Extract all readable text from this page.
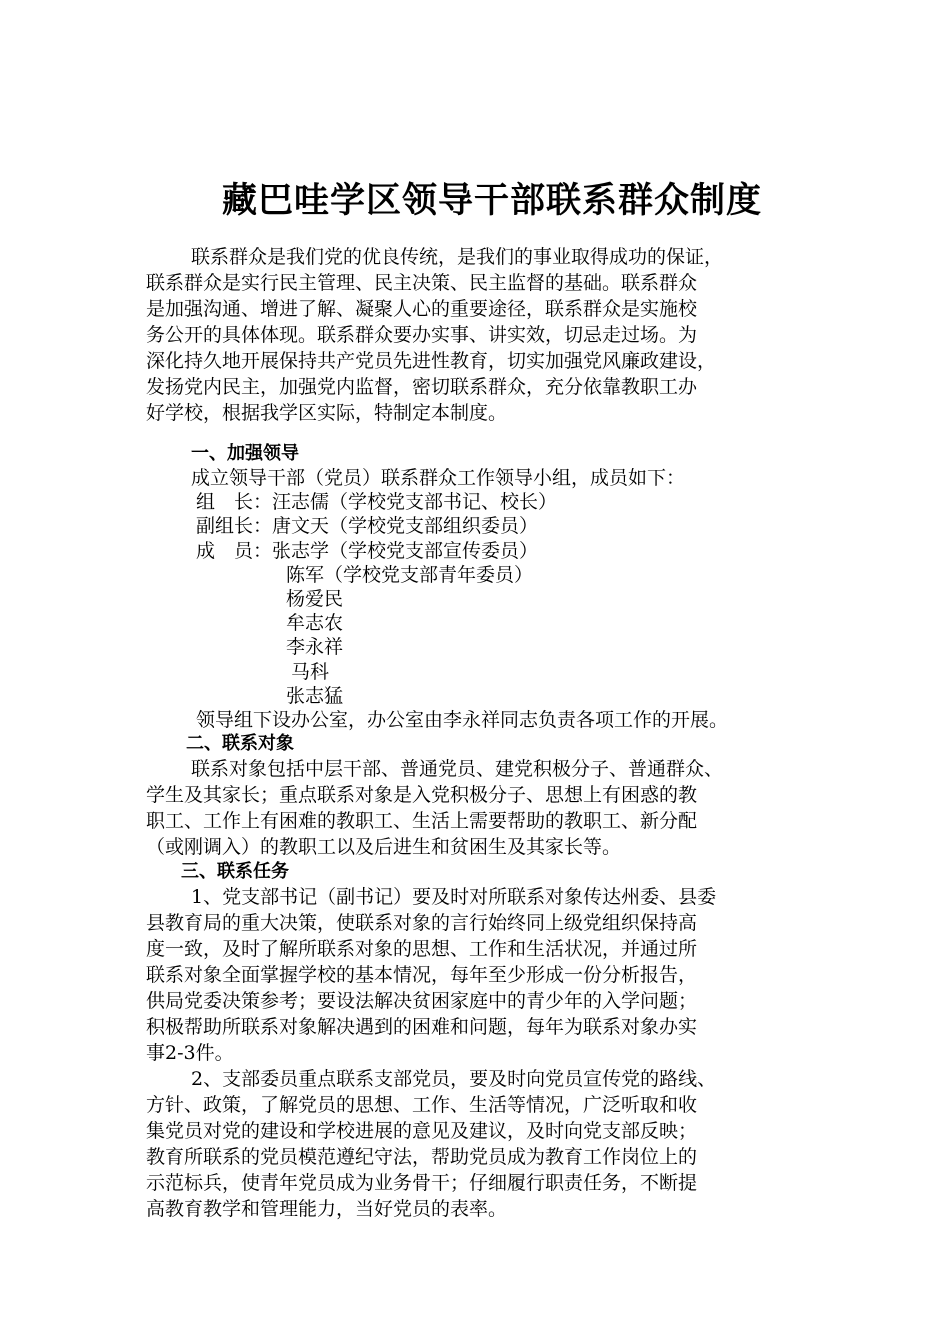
藏巴哇学区领导干部联系群众制度
联系群众是我们党的优良传统，是我们的事业取得成功的保证，
联系群众是实行民主管理、民主决策、民主监督的基础。联系群众
是加强沟通、增进了解、凝聚人心的重要途径，联系群众是实施校
务公开的具体体现。联系群众要办实事、讲实效，切忌走过场。为
深化持久地开展保持共产党员先进性教育，切实加强党风廉政建设，
发扬党内民主，加强党内监督，密切联系群众，充分依靠教职工办
好学校，根据我学区实际，特制定本制度。
一、加强领导
成立领导干部（党员）联系群众工作领导小组，成员如下：
组　长：汪志儒（学校党支部书记、校长）
副组长：唐文天（学校党支部组织委员）
成　员：张志学（学校党支部宣传委员）
陈军（学校党支部青年委员）
杨爱民
牟志农
李永祥
马科
张志猛
领导组下设办公室，办公室由李永祥同志负责各项工作的开展。
二、联系对象
联系对象包括中层干部、普通党员、建党积极分子、普通群众、
学生及其家长；重点联系对象是入党积极分子、思想上有困惑的教
职工、工作上有困难的教职工、生活上需要帮助的教职工、新分配
（或刚调入）的教职工以及后进生和贫困生及其家长等。
三、联系任务
1、党支部书记（副书记）要及时对所联系对象传达州委、县委
县教育局的重大决策，使联系对象的言行始终同上级党组织保持高
度一致，及时了解所联系对象的思想、工作和生活状况，并通过所
联系对象全面掌握学校的基本情况，每年至少形成一份分析报告，
供局党委决策参考；要设法解决贫困家庭中的青少年的入学问题；
积极帮助所联系对象解决遇到的困难和问题，每年为联系对象办实
事2-3件。
2、支部委员重点联系支部党员，要及时向党员宣传党的路线、
方针、政策，了解党员的思想、工作、生活等情况，广泛听取和收
集党员对党的建设和学校进展的意见及建议，及时向党支部反映；
教育所联系的党员模范遵纪守法，帮助党员成为教育工作岗位上的
示范标兵，使青年党员成为业务骨干；仔细履行职责任务，不断提
高教育教学和管理能力，当好党员的表率。
